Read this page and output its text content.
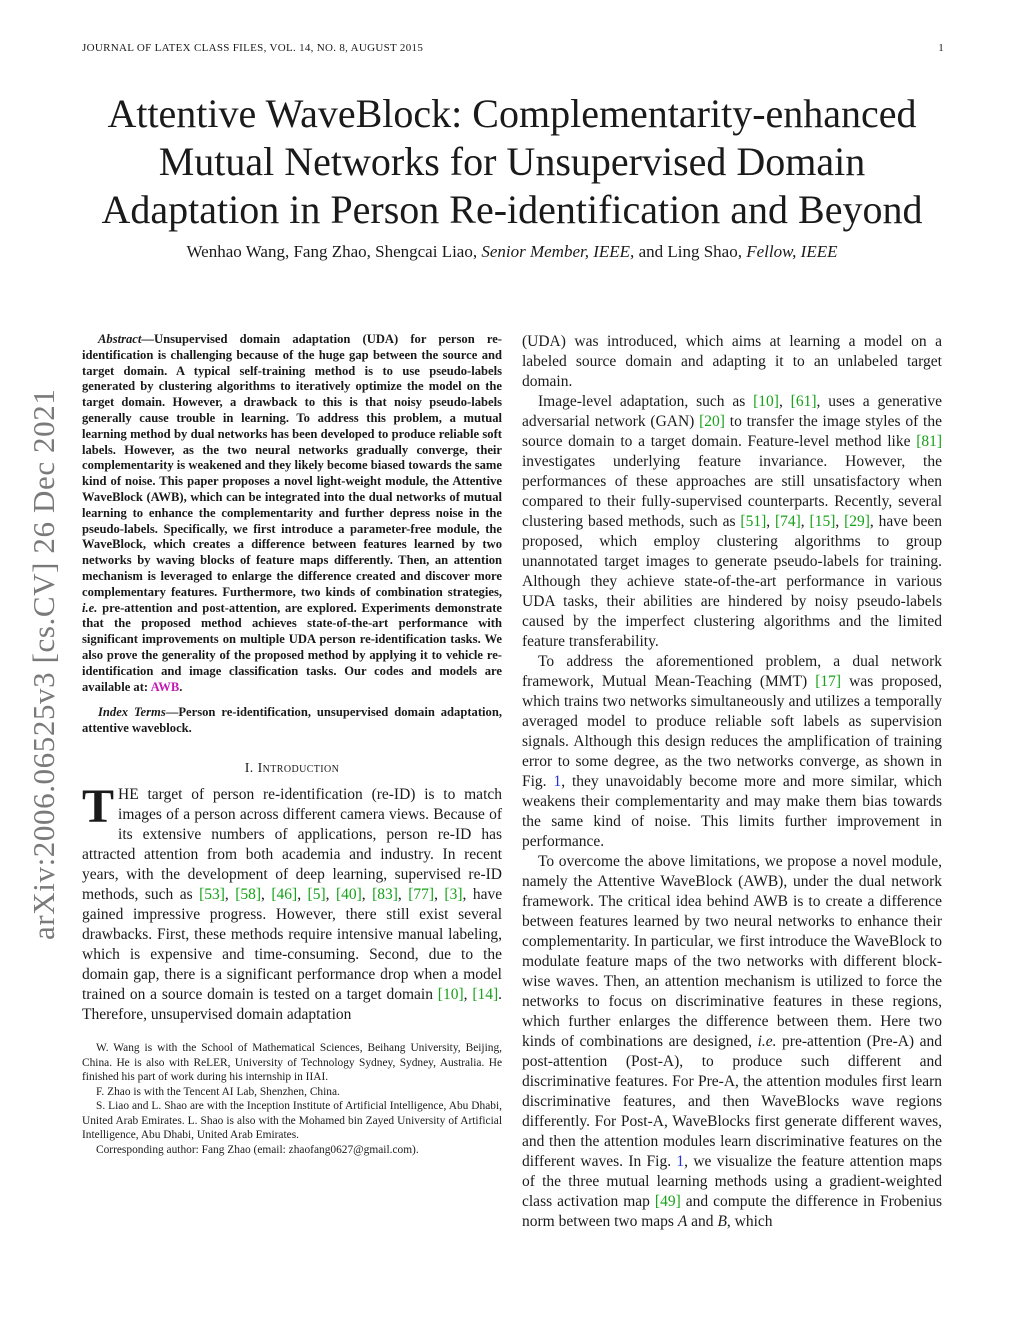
JOURNAL OF LATEX CLASS FILES, VOL. 14, NO. 8, AUGUST 2015	1
Attentive WaveBlock: Complementarity-enhanced
Mutual Networks for Unsupervised Domain
Adaptation in Person Re-identification and Beyond
Wenhao Wang, Fang Zhao, Shengcai Liao, Senior Member, IEEE, and Ling Shao, Fellow, IEEE
arXiv:2006.06525v3 [cs.CV] 26 Dec 2021

Abstract—Unsupervised domain adaptation (UDA) for person re-identification is challenging because of the huge gap between the source and target domain. A typical self-training method is to use pseudo-labels generated by clustering algorithms to iteratively optimize the model on the target domain. However, a drawback to this is that noisy pseudo-labels generally cause trouble in learning. To address this problem, a mutual learning method by dual networks has been developed to produce reliable soft labels. However, as the two neural networks gradually converge, their complementarity is weakened and they likely become biased towards the same kind of noise. This paper proposes a novel light-weight module, the Attentive WaveBlock (AWB), which can be integrated into the dual networks of mutual learning to enhance the complementarity and further depress noise in the pseudo-labels. Specifically, we first introduce a parameter-free module, the WaveBlock, which creates a difference between features learned by two networks by waving blocks of feature maps differently. Then, an attention mechanism is leveraged to enlarge the difference created and discover more complementary features. Furthermore, two kinds of combination strategies, i.e. pre-attention and post-attention, are explored. Experiments demonstrate that the proposed method achieves state-of-the-art performance with significant improvements on multiple UDA person re-identification tasks. We also prove the generality of the proposed method by applying it to vehicle re-identification and image classification tasks. Our codes and models are available at: AWB.

Index Terms—Person re-identification, unsupervised domain adaptation, attentive waveblock.

I. Introduction

THE target of person re-identification (re-ID) is to match images of a person across different camera views. Because of its extensive numbers of applications, person re-ID has attracted attention from both academia and industry. In recent years, with the development of deep learning, supervised re-ID methods, such as [53], [58], [46], [5], [40], [83], [77], [3], have gained impressive progress. However, there still exist several drawbacks. First, these methods require intensive manual labeling, which is expensive and time-consuming. Second, due to the domain gap, there is a significant performance drop when a model trained on a source domain is tested on a target domain [10], [14]. Therefore, unsupervised domain adaptation

W. Wang is with the School of Mathematical Sciences, Beihang University, Beijing, China. He is also with ReLER, University of Technology Sydney, Sydney, Australia. He finished his part of work during his internship in IIAI.

F. Zhao is with the Tencent AI Lab, Shenzhen, China.

S. Liao and L. Shao are with the Inception Institute of Artificial Intelligence, Abu Dhabi, United Arab Emirates. L. Shao is also with the Mohamed bin Zayed University of Artificial Intelligence, Abu Dhabi, United Arab Emirates.

Corresponding author: Fang Zhao (email: zhaofang0627@gmail.com).

(UDA) was introduced, which aims at learning a model on a labeled source domain and adapting it to an unlabeled target domain.

Image-level adaptation, such as [10], [61], uses a generative adversarial network (GAN) [20] to transfer the image styles of the source domain to a target domain. Feature-level method like [81] investigates underlying feature invariance. However, the performances of these approaches are still unsatisfactory when compared to their fully-supervised counterparts. Recently, several clustering based methods, such as [51], [74], [15], [29], have been proposed, which employ clustering algorithms to group unannotated target images to generate pseudo-labels for training. Although they achieve state-of-the-art performance in various UDA tasks, their abilities are hindered by noisy pseudo-labels caused by the imperfect clustering algorithms and the limited feature transferability.

To address the aforementioned problem, a dual network framework, Mutual Mean-Teaching (MMT) [17] was proposed, which trains two networks simultaneously and utilizes a temporally averaged model to produce reliable soft labels as supervision signals. Although this design reduces the amplification of training error to some degree, as the two networks converge, as shown in Fig. 1, they unavoidably become more and more similar, which weakens their complementarity and may make them bias towards the same kind of noise. This limits further improvement in performance.

To overcome the above limitations, we propose a novel module, namely the Attentive WaveBlock (AWB), under the dual network framework. The critical idea behind AWB is to create a difference between features learned by two neural networks to enhance their complementarity. In particular, we first introduce the WaveBlock to modulate feature maps of the two networks with different block-wise waves. Then, an attention mechanism is utilized to force the networks to focus on discriminative features in these regions, which further enlarges the difference between them. Here two kinds of combinations are designed, i.e. pre-attention (Pre-A) and post-attention (Post-A), to produce such different and discriminative features. For Pre-A, the attention modules first learn discriminative features, and then WaveBlocks wave regions differently. For Post-A, WaveBlocks first generate different waves, and then the attention modules learn discriminative features on the different waves. In Fig. 1, we visualize the feature attention maps of the three mutual learning methods using a gradient-weighted class activation map [49] and compute the difference in Frobenius norm between two maps A and B, which
